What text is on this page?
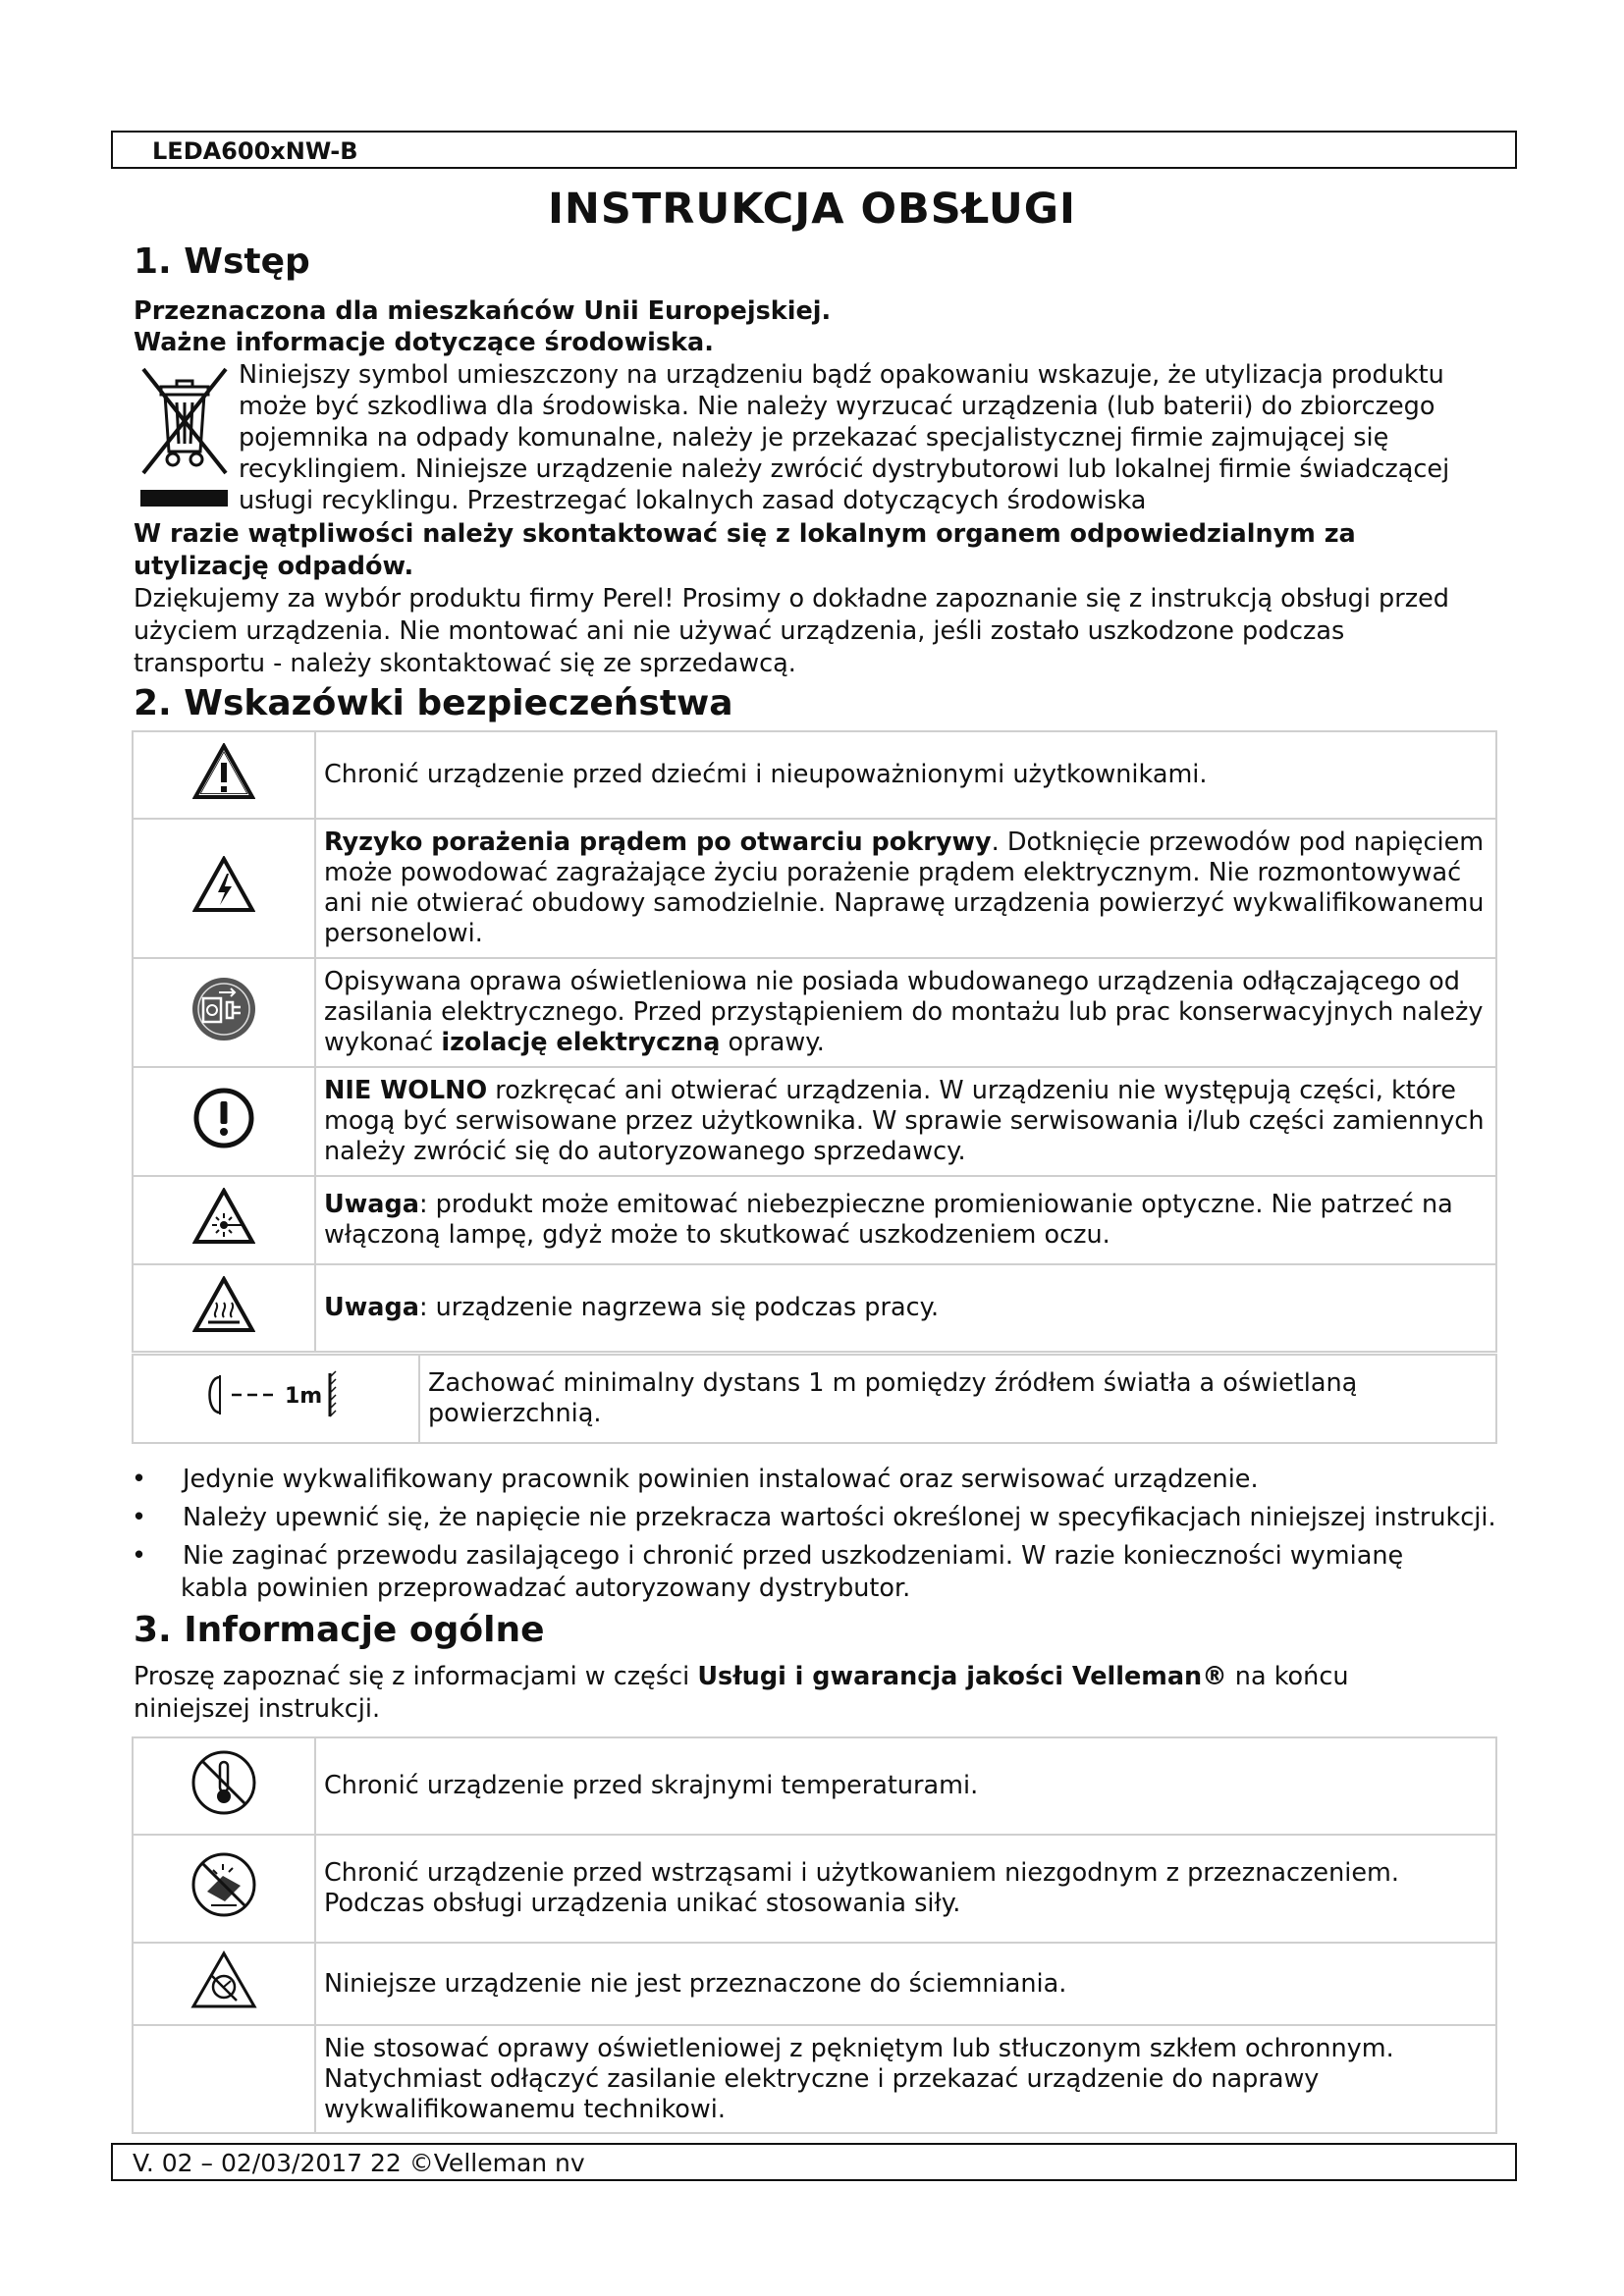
LEDA600xNW-B
INSTRUKCJA OBSŁUGI
1. Wstęp
Przeznaczona dla mieszkańców Unii Europejskiej.
Ważne informacje dotyczące środowiska.
Niniejszy symbol umieszczony na urządzeniu bądź opakowaniu wskazuje, że utylizacja produktu
może być szkodliwa dla środowiska. Nie należy wyrzucać urządzenia (lub baterii) do zbiorczego
pojemnika na odpady komunalne, należy je przekazać specjalistycznej firmie zajmującej się
recyklingiem. Niniejsze urządzenie należy zwrócić dystrybutorowi lub lokalnej firmie świadczącej
usługi recyklingu. Przestrzegać lokalnych zasad dotyczących środowiska
W razie wątpliwości należy skontaktować się z lokalnym organem odpowiedzialnym za
utylizację odpadów.
Dziękujemy za wybór produktu firmy Perel! Prosimy o dokładne zapoznanie się z instrukcją obsługi przed
użyciem urządzenia. Nie montować ani nie używać urządzenia, jeśli zostało uszkodzone podczas
transportu - należy skontaktować się ze sprzedawcą.
2. Wskazówki bezpieczeństwa
	Chronić urządzenie przed dziećmi i nieupoważnionymi użytkownikami.
	Ryzyko porażenia prądem po otwarciu pokrywy. Dotknięcie przewodów pod napięciem może powodować zagrażające życiu porażenie prądem elektrycznym. Nie rozmontowywać ani nie otwierać obudowy samodzielnie. Naprawę urządzenia powierzyć wykwalifikowanemu personelowi.
	Opisywana oprawa oświetleniowa nie posiada wbudowanego urządzenia odłączającego od zasilania elektrycznego. Przed przystąpieniem do montażu lub prac konserwacyjnych należy wykonać izolację elektryczną oprawy.
	NIE WOLNO rozkręcać ani otwierać urządzenia. W urządzeniu nie występują części, które mogą być serwisowane przez użytkownika. W sprawie serwisowania i/lub części zamiennych należy zwrócić się do autoryzowanego sprzedawcy.
	Uwaga: produkt może emitować niebezpieczne promieniowanie optyczne. Nie patrzeć na włączoną lampę, gdyż może to skutkować uszkodzeniem oczu.
	Uwaga: urządzenie nagrzewa się podczas pracy.
1m	Zachować minimalny dystans 1 m pomiędzy źródłem światła a oświetlaną powierzchnią.
• Jedynie wykwalifikowany pracownik powinien instalować oraz serwisować urządzenie.
• Należy upewnić się, że napięcie nie przekracza wartości określonej w specyfikacjach niniejszej instrukcji.
• Nie zaginać przewodu zasilającego i chronić przed uszkodzeniami. W razie konieczności wymianę
kabla powinien przeprowadzać autoryzowany dystrybutor.
3. Informacje ogólne
Proszę zapoznać się z informacjami w części Usługi i gwarancja jakości Velleman® na końcu
niniejszej instrukcji.
	Chronić urządzenie przed skrajnymi temperaturami.
	Chronić urządzenie przed wstrząsami i użytkowaniem niezgodnym z przeznaczeniem. Podczas obsługi urządzenia unikać stosowania siły.
	Niniejsze urządzenie nie jest przeznaczone do ściemniania.
	Nie stosować oprawy oświetleniowej z pękniętym lub stłuczonym szkłem ochronnym. Natychmiast odłączyć zasilanie elektryczne i przekazać urządzenie do naprawy wykwalifikowanemu technikowi.
V. 02 – 02/03/2017 22 ©Velleman nv
